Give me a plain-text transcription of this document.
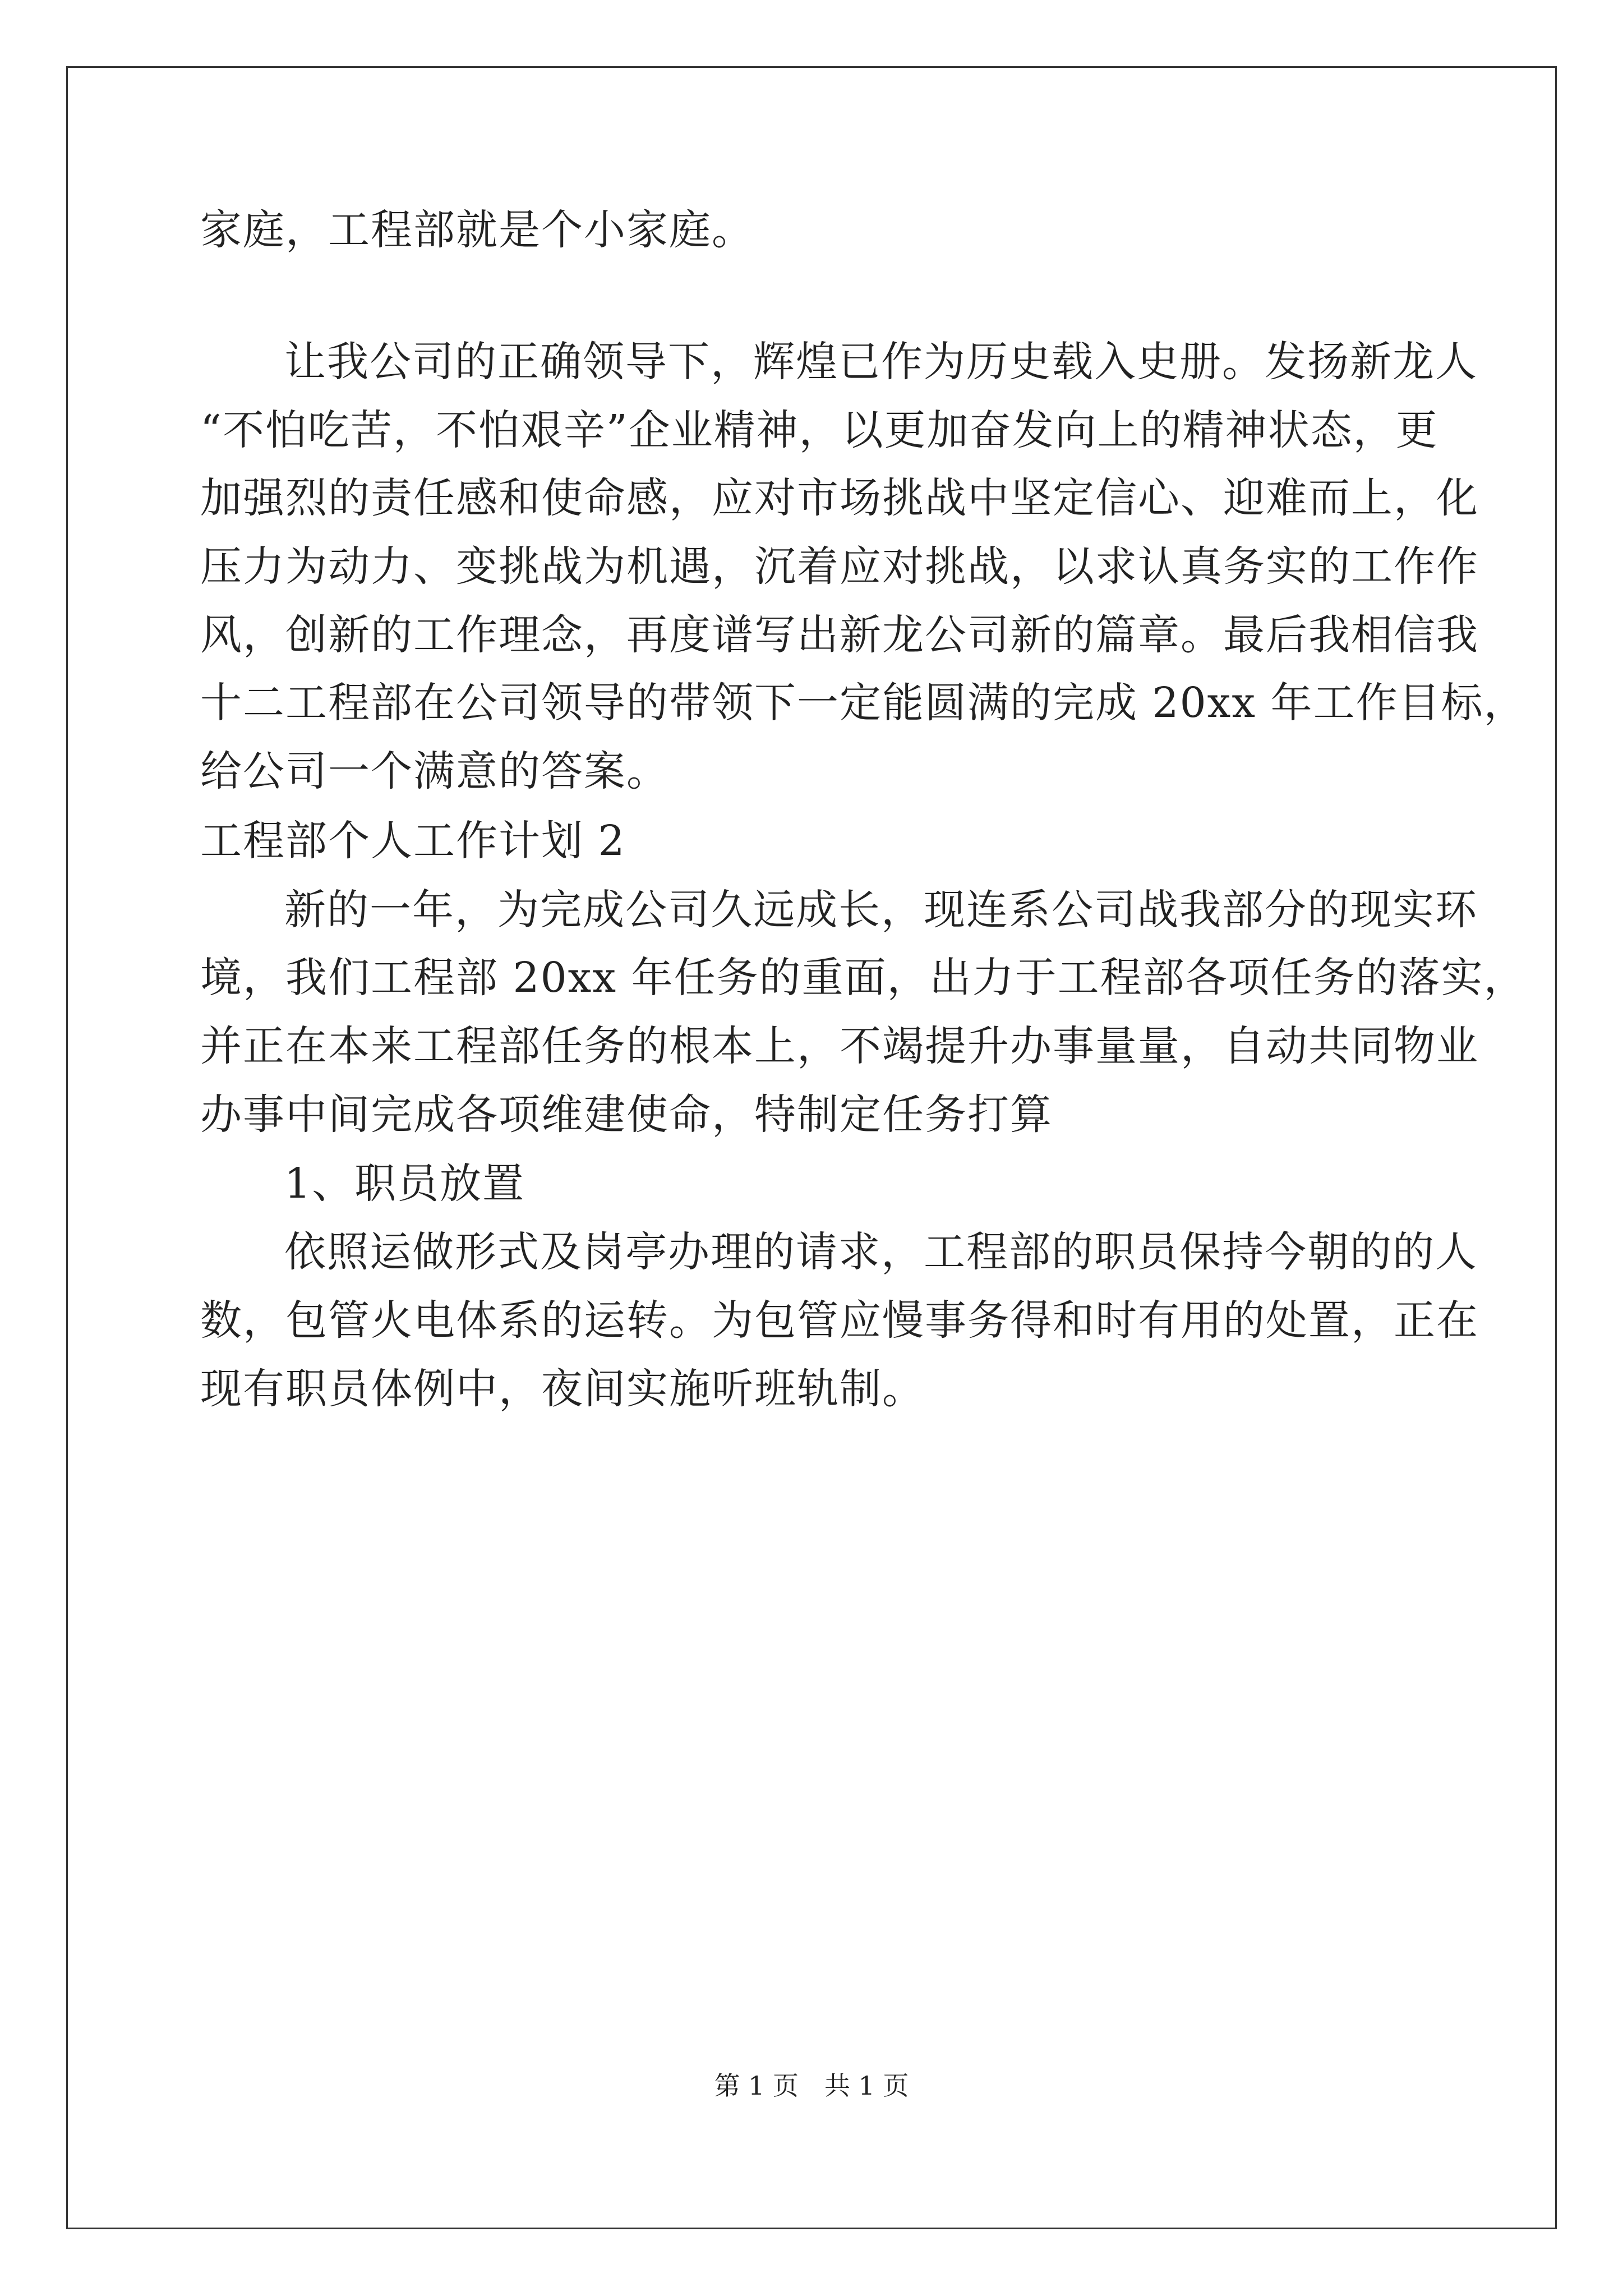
家庭，工程部就是个小家庭。
让我公司的正确领导下，辉煌已作为历史载入史册。发扬新龙人
“不怕吃苦，不怕艰辛”企业精神，以更加奋发向上的精神状态，更
加强烈的责任感和使命感，应对市场挑战中坚定信心、迎难而上，化
压力为动力、变挑战为机遇，沉着应对挑战，以求认真务实的工作作
风，创新的工作理念，再度谱写出新龙公司新的篇章。最后我相信我
十二工程部在公司领导的带领下一定能圆满的完成 20xx 年工作目标，
给公司一个满意的答案。
工程部个人工作计划 2
新的一年，为完成公司久远成长，现连系公司战我部分的现实环
境，我们工程部 20xx 年任务的重面，出力于工程部各项任务的落实，
并正在本来工程部任务的根本上，不竭提升办事量量，自动共同物业
办事中间完成各项维建使命，特制定任务打算
1、职员放置
依照运做形式及岗亭办理的请求，工程部的职员保持今朝的的人
数，包管火电体系的运转。为包管应慢事务得和时有用的处置，正在
现有职员体例中，夜间实施听班轨制。
第 1 页　共 1 页
